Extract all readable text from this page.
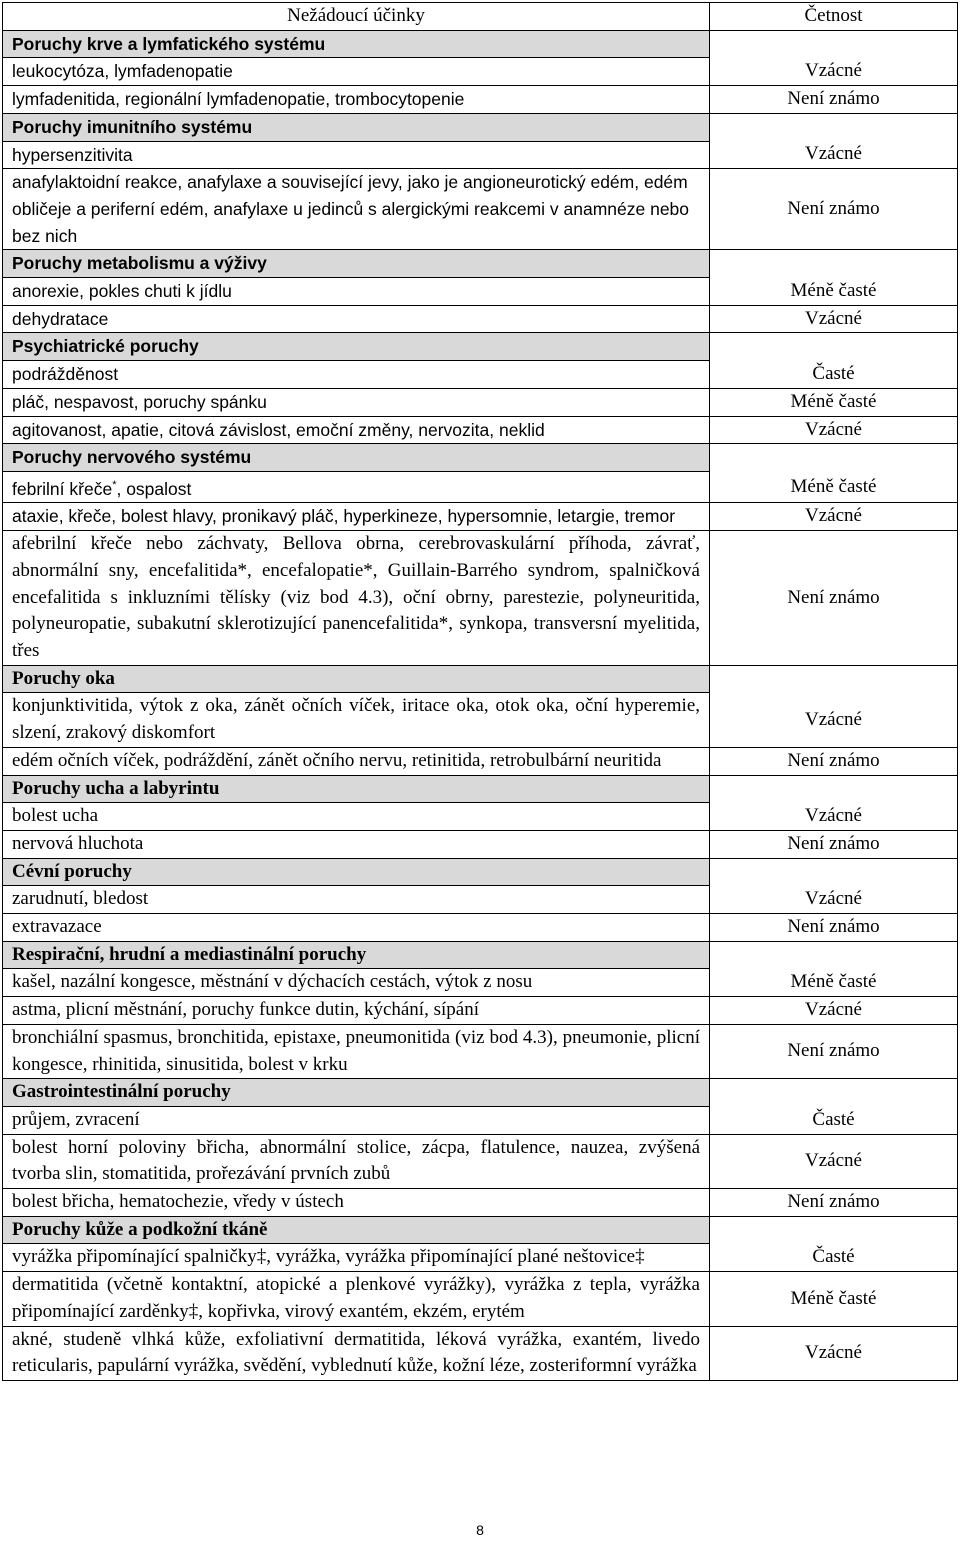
Nežádoucí účinky	Četnost
Poruchy krve a lymfatického systému	
leukocytóza, lymfadenopatie	Vzácné
lymfadenitida, regionální lymfadenopatie, trombocytopenie	Není známo
Poruchy imunitního systému	
hypersenzitivita	Vzácné
anafylaktoidní reakce, anafylaxe a související jevy, jako je angioneurotický edém, edém obličeje a periferní edém, anafylaxe u jedinců s alergickými reakcemi v anamnéze nebo bez nich	Není známo
Poruchy metabolismu a výživy	
anorexie, pokles chuti k jídlu	Méně časté
dehydratace	Vzácné
Psychiatrické poruchy	
podrážděnost	Časté
pláč, nespavost, poruchy spánku	Méně časté
agitovanost, apatie, citová závislost, emoční změny, nervozita, neklid	Vzácné
Poruchy nervového systému	
febrilní křeče*, ospalost	Méně časté
ataxie, křeče, bolest hlavy, pronikavý pláč, hyperkineze, hypersomnie, letargie, tremor	Vzácné
afebrilní křeče nebo záchvaty, Bellova obrna, cerebrovaskulární příhoda, závrať, abnormální sny, encefalitida*, encefalopatie*, Guillain-Barrého syndrom, spalničková encefalitida s inkluzními tělísky (viz bod 4.3), oční obrny, parestezie, polyneuritida, polyneuropatie, subakutní sklerotizující panencefalitida*, synkopa, transversní myelitida, třes	Není známo
Poruchy oka	
konjunktivitida, výtok z oka, zánět očních víček, iritace oka, otok oka, oční hyperemie, slzení, zrakový diskomfort	Vzácné
edém očních víček, podráždění, zánět očního nervu, retinitida, retrobulbární neuritida	Není známo
Poruchy ucha a labyrintu	
bolest ucha	Vzácné
nervová hluchota	Není známo
Cévní poruchy	
zarudnutí, bledost	Vzácné
extravazace	Není známo
Respirační, hrudní a mediastinální poruchy	
kašel, nazální kongesce, městnání v dýchacích cestách, výtok z nosu	Méně časté
astma, plicní městnání, poruchy funkce dutin, kýchání, sípání	Vzácné
bronchiální spasmus, bronchitida, epistaxe, pneumonitida (viz bod 4.3), pneumonie, plicní kongesce, rhinitida, sinusitida, bolest v krku	Není známo
Gastrointestinální poruchy	
průjem, zvracení	Časté
bolest horní poloviny břicha, abnormální stolice, zácpa, flatulence, nauzea, zvýšená tvorba slin, stomatitida, prořezávání prvních zubů	Vzácné
bolest břicha, hematochezie, vředy v ústech	Není známo
Poruchy kůže a podkožní tkáně	
vyrážka připomínající spalničky‡, vyrážka, vyrážka připomínající plané neštovice‡	Časté
dermatitida (včetně kontaktní, atopické a plenkové vyrážky), vyrážka z tepla, vyrážka připomínající zarděnky‡, kopřivka, virový exantém, ekzém, erytém	Méně časté
akné, studeně vlhká kůže, exfoliativní dermatitida, léková vyrážka, exantém, livedo reticularis, papulární vyrážka, svědění, vyblednutí kůže, kožní léze, zosteriformní vyrážka	Vzácné
8
